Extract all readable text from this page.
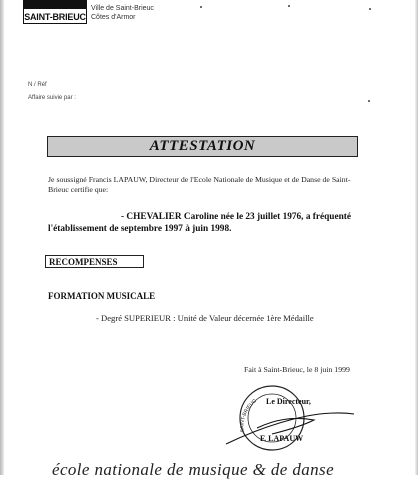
SAINT-BRIEUC
Ville de Saint-Brieuc
Côtes d'Armor
N / Réf
Affaire suivie par :
ATTESTATION
Je soussigné Francis LAPAUW, Directeur de l'Ecole Nationale de Musique et de Danse de Saint-Brieuc certifie que:
- CHEVALIER Caroline née le 23 juillet 1976, a fréquenté
l'établissement de septembre 1997 à juin 1998.
RECOMPENSES
FORMATION MUSICALE
- Degré SUPERIEUR : Unité de Valeur décernée 1ère Médaille
Fait à Saint-Brieuc, le 8 juin 1999
SAINT-BRIEUC Le Directeur,
F. LAPAUW
école nationale de musique & de danse
